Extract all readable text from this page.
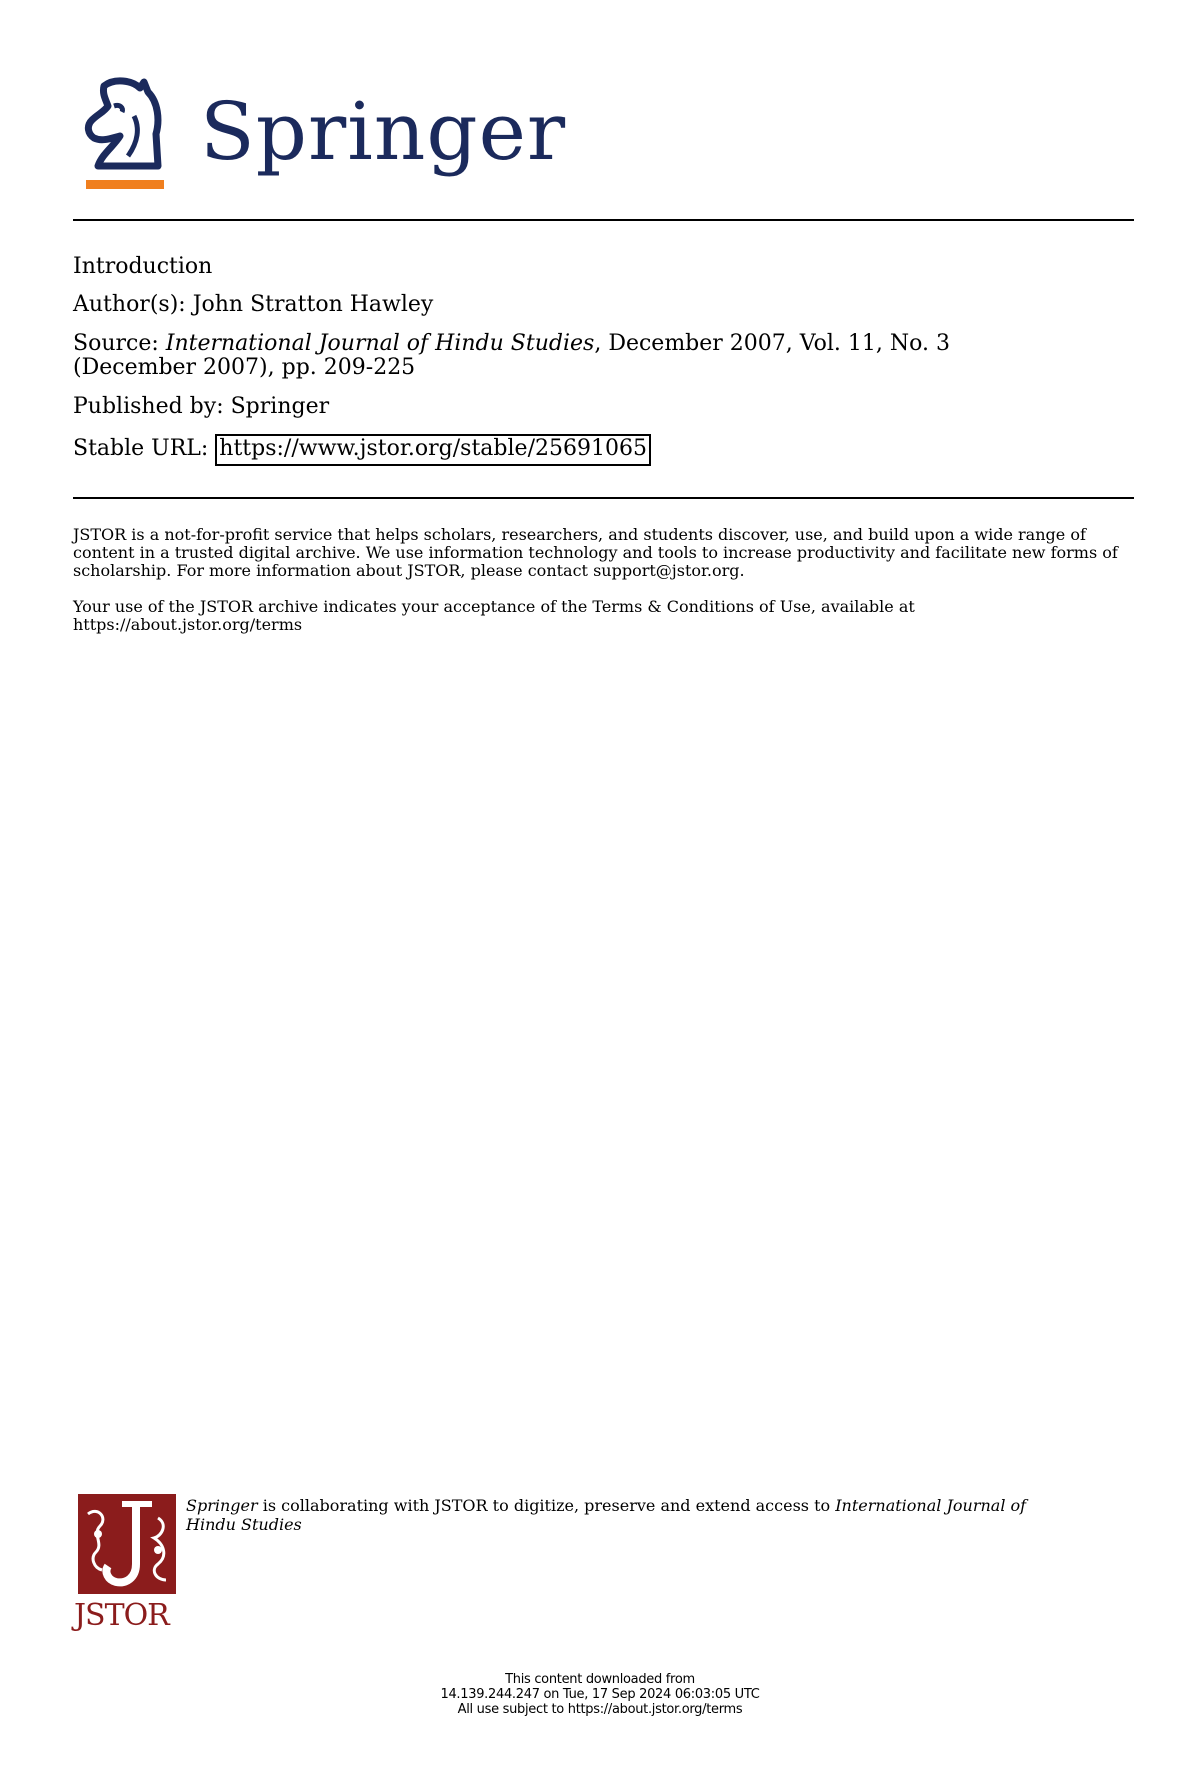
Springer
Introduction
Author(s): John Stratton Hawley
Source: International Journal of Hindu Studies, December 2007, Vol. 11, No. 3
(December 2007), pp. 209-225
Published by: Springer
Stable URL: https://www.jstor.org/stable/25691065

JSTOR is a not-for-profit service that helps scholars, researchers, and students discover, use, and build upon a wide range of content in a trusted digital archive. We use information technology and tools to increase productivity and facilitate new forms of scholarship. For more information about JSTOR, please contact support@jstor.org.

Your use of the JSTOR archive indicates your acceptance of the Terms & Conditions of Use, available at
https://about.jstor.org/terms

JSTOR
Springer is collaborating with JSTOR to digitize, preserve and extend access to International Journal of Hindu Studies
This content downloaded from
14.139.244.247 on Tue, 17 Sep 2024 06:03:05 UTC
All use subject to https://about.jstor.org/terms
